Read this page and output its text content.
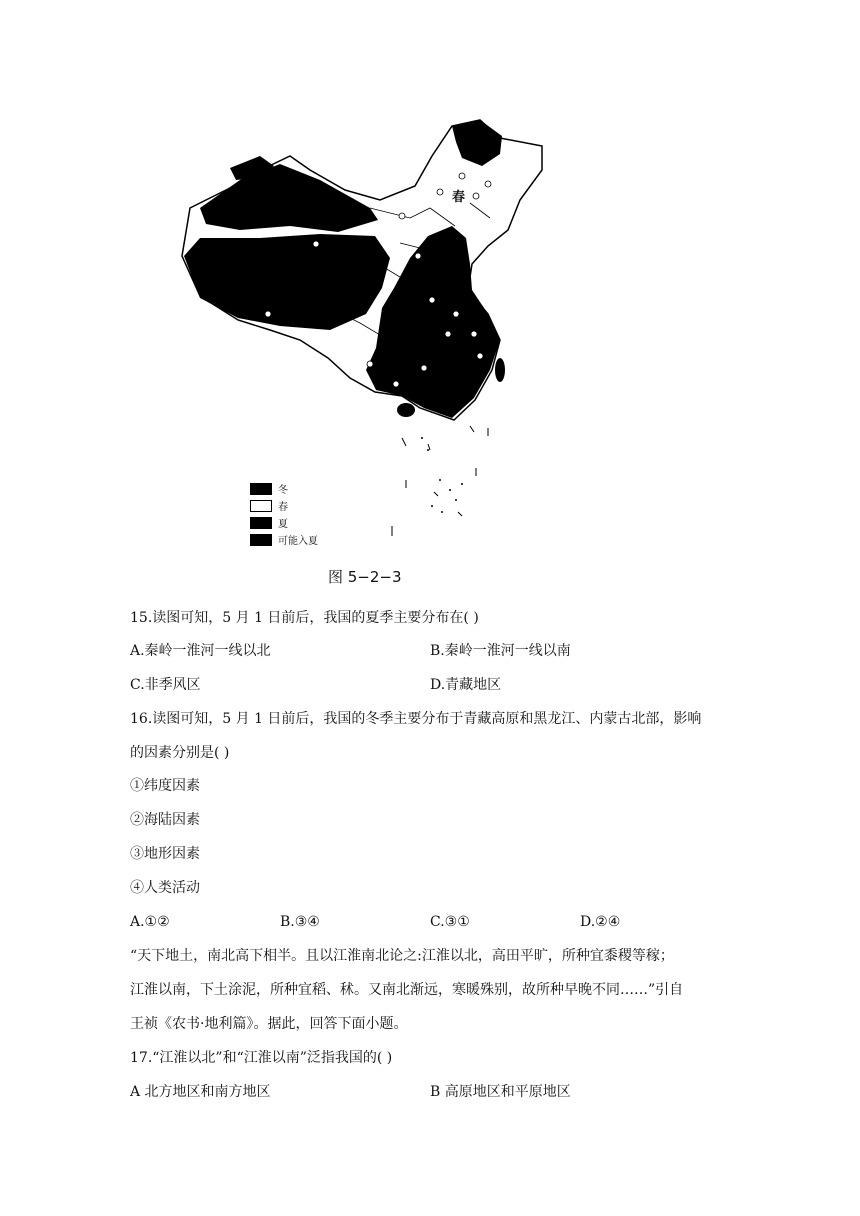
春
冬
春
夏
可能入夏
图 5−2−3
15.读图可知，5 月 1 日前后，我国的夏季主要分布在( )
A.秦岭一淮河一线以北	B.秦岭一淮河一线以南
C.非季风区	D.青藏地区
16.读图可知，5 月 1 日前后，我国的冬季主要分布于青藏高原和黑龙江、内蒙古北部，影响
的因素分别是( )
①纬度因素
②海陆因素
③地形因素
④人类活动
A.①②	B.③④	C.③①	D.②④
“天下地土，南北高下相半。且以江淮南北论之:江淮以北，高田平旷，所种宜黍稷等稼；
江淮以南，下土涂泥，所种宜稻、秫。又南北渐远，寒暖殊别，故所种早晚不同……”引自
王祯《农书·地利篇》。据此，回答下面小题。
17.“江淮以北”和“江淮以南”泛指我国的( )
A 北方地区和南方地区	B 高原地区和平原地区
